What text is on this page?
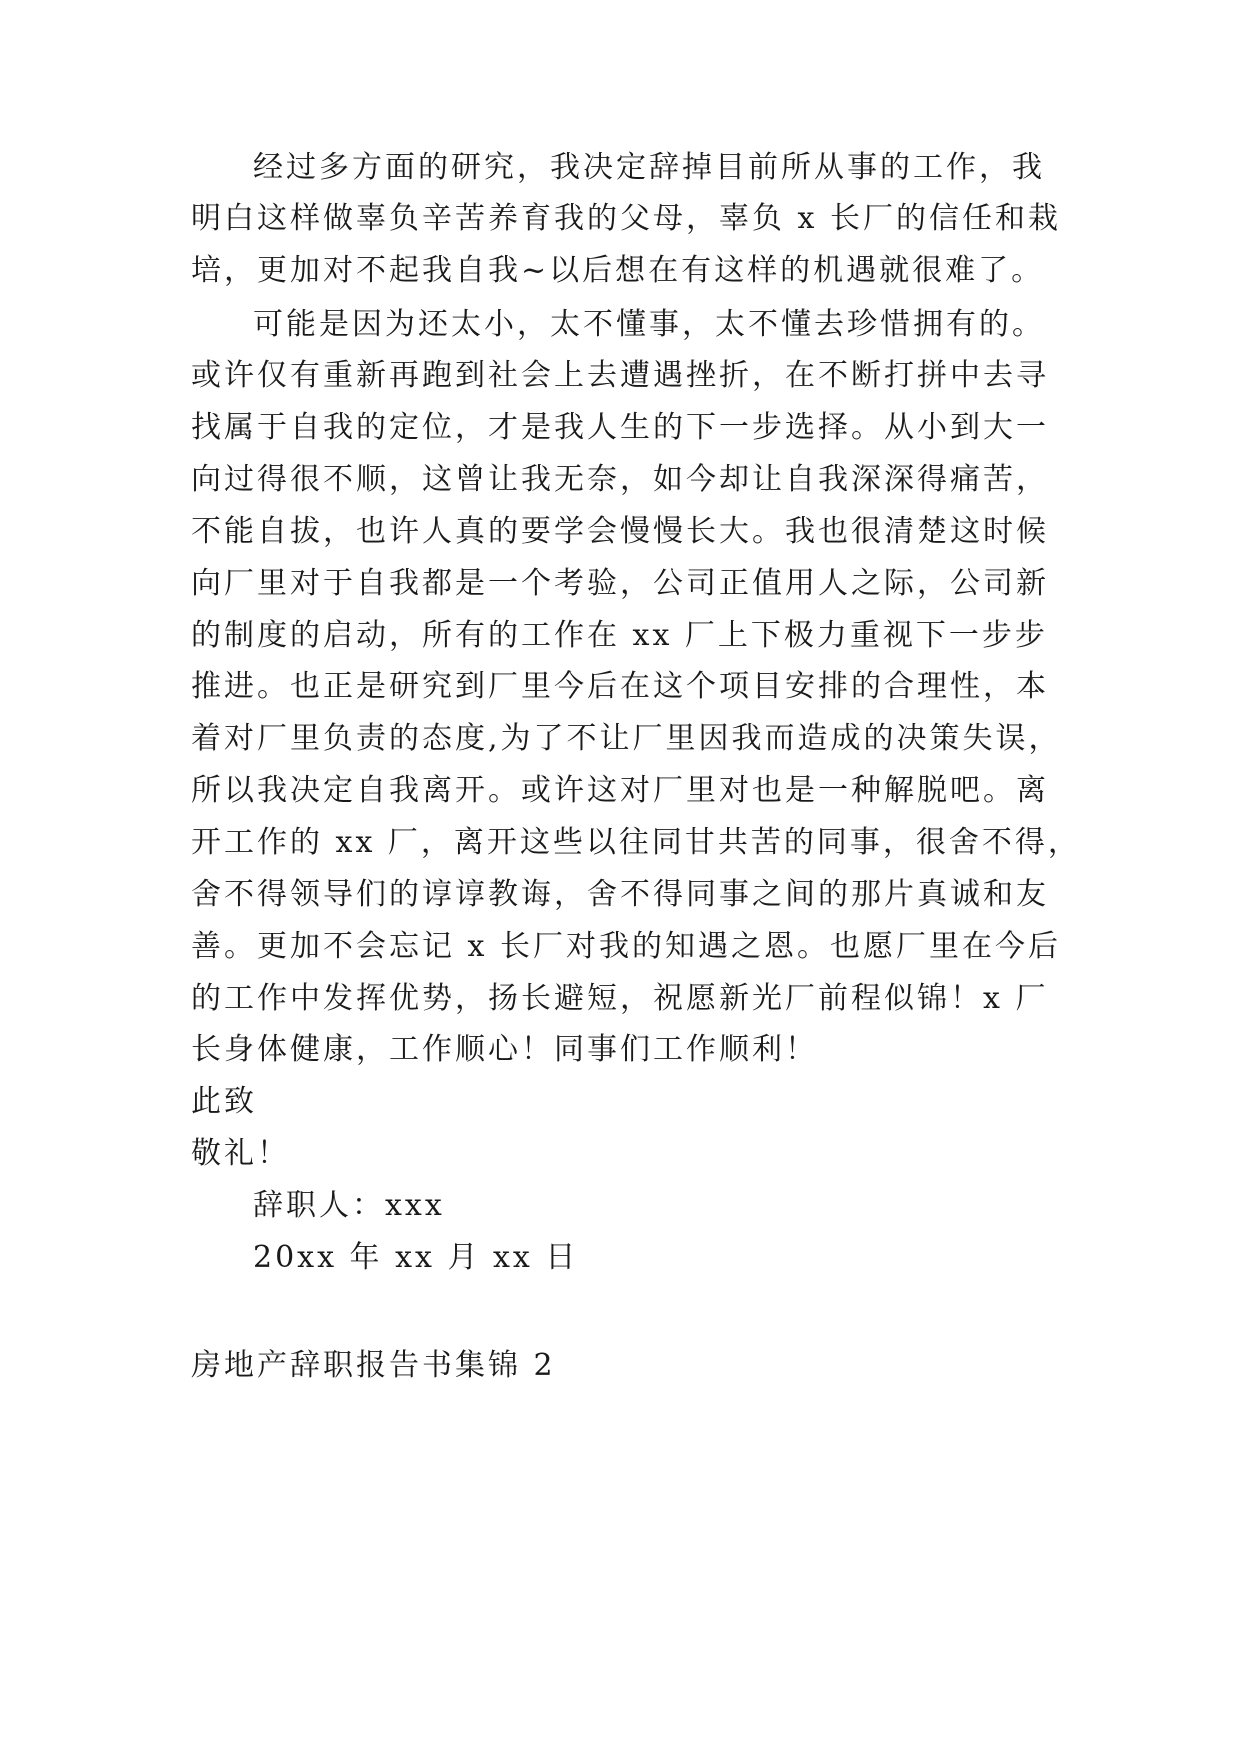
经过多方面的研究，我决定辞掉目前所从事的工作，我
明白这样做辜负辛苦养育我的父母，辜负 x 长厂的信任和栽
培，更加对不起我自我~以后想在有这样的机遇就很难了。
可能是因为还太小，太不懂事，太不懂去珍惜拥有的。
或许仅有重新再跑到社会上去遭遇挫折，在不断打拼中去寻
找属于自我的定位，才是我人生的下一步选择。从小到大一
向过得很不顺，这曾让我无奈，如今却让自我深深得痛苦，
不能自拔，也许人真的要学会慢慢长大。我也很清楚这时候
向厂里对于自我都是一个考验，公司正值用人之际，公司新
的制度的启动，所有的工作在 xx 厂上下极力重视下一步步
推进。也正是研究到厂里今后在这个项目安排的合理性，本
着对厂里负责的态度,为了不让厂里因我而造成的决策失误，
所以我决定自我离开。或许这对厂里对也是一种解脱吧。离
开工作的 xx 厂，离开这些以往同甘共苦的同事，很舍不得，
舍不得领导们的谆谆教诲，舍不得同事之间的那片真诚和友
善。更加不会忘记 x 长厂对我的知遇之恩。也愿厂里在今后
的工作中发挥优势，扬长避短，祝愿新光厂前程似锦！x 厂
长身体健康，工作顺心！同事们工作顺利！
此致
敬礼！
辞职人：xxx
20xx 年 xx 月 xx 日
房地产辞职报告书集锦 2
